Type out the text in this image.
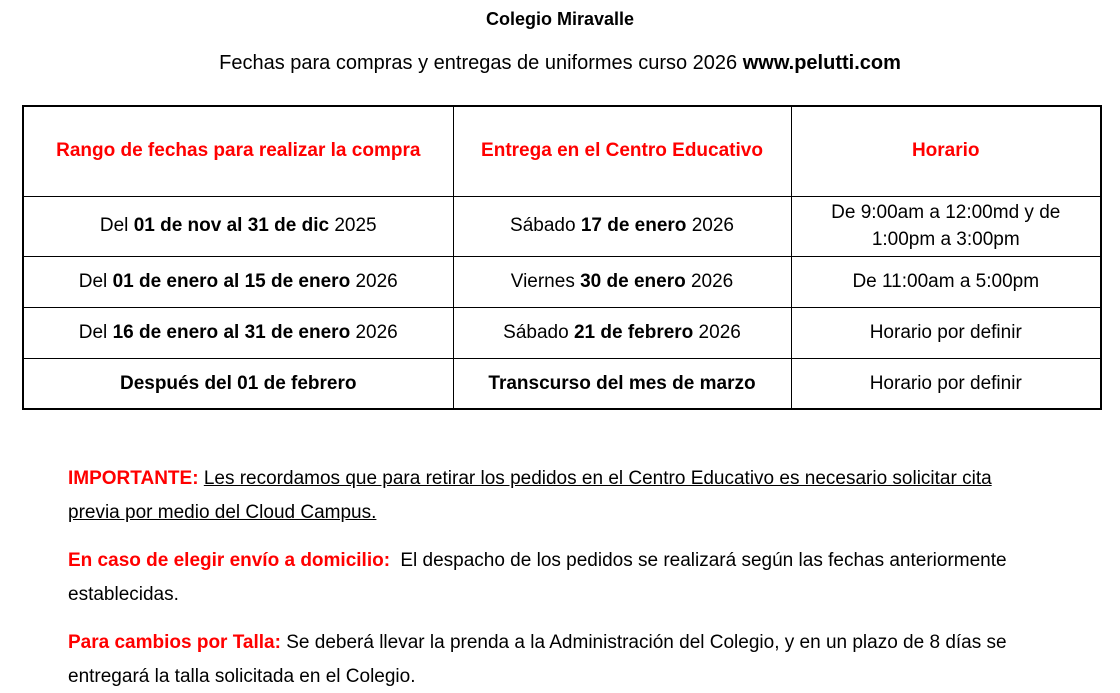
Colegio Miravalle

Fechas para compras y entregas de uniformes curso 2026 www.pelutti.com

Rango de fechas para realizar la compra	Entrega en el Centro Educativo	Horario
Del 01 de nov al 31 de dic 2025	Sábado 17 de enero 2026	De 9:00am a 12:00md y de 1:00pm a 3:00pm
Del 01 de enero al 15 de enero 2026	Viernes 30 de enero 2026	De 11:00am a 5:00pm
Del 16 de enero al 31 de enero 2026	Sábado 21 de febrero 2026	Horario por definir
Después del 01 de febrero	Transcurso del mes de marzo	Horario por definir

IMPORTANTE: Les recordamos que para retirar los pedidos en el Centro Educativo es necesario solicitar cita previa por medio del Cloud Campus.

En caso de elegir envío a domicilio: El despacho de los pedidos se realizará según las fechas anteriormente establecidas.

Para cambios por Talla: Se deberá llevar la prenda a la Administración del Colegio, y en un plazo de 8 días se entregará la talla solicitada en el Colegio.
